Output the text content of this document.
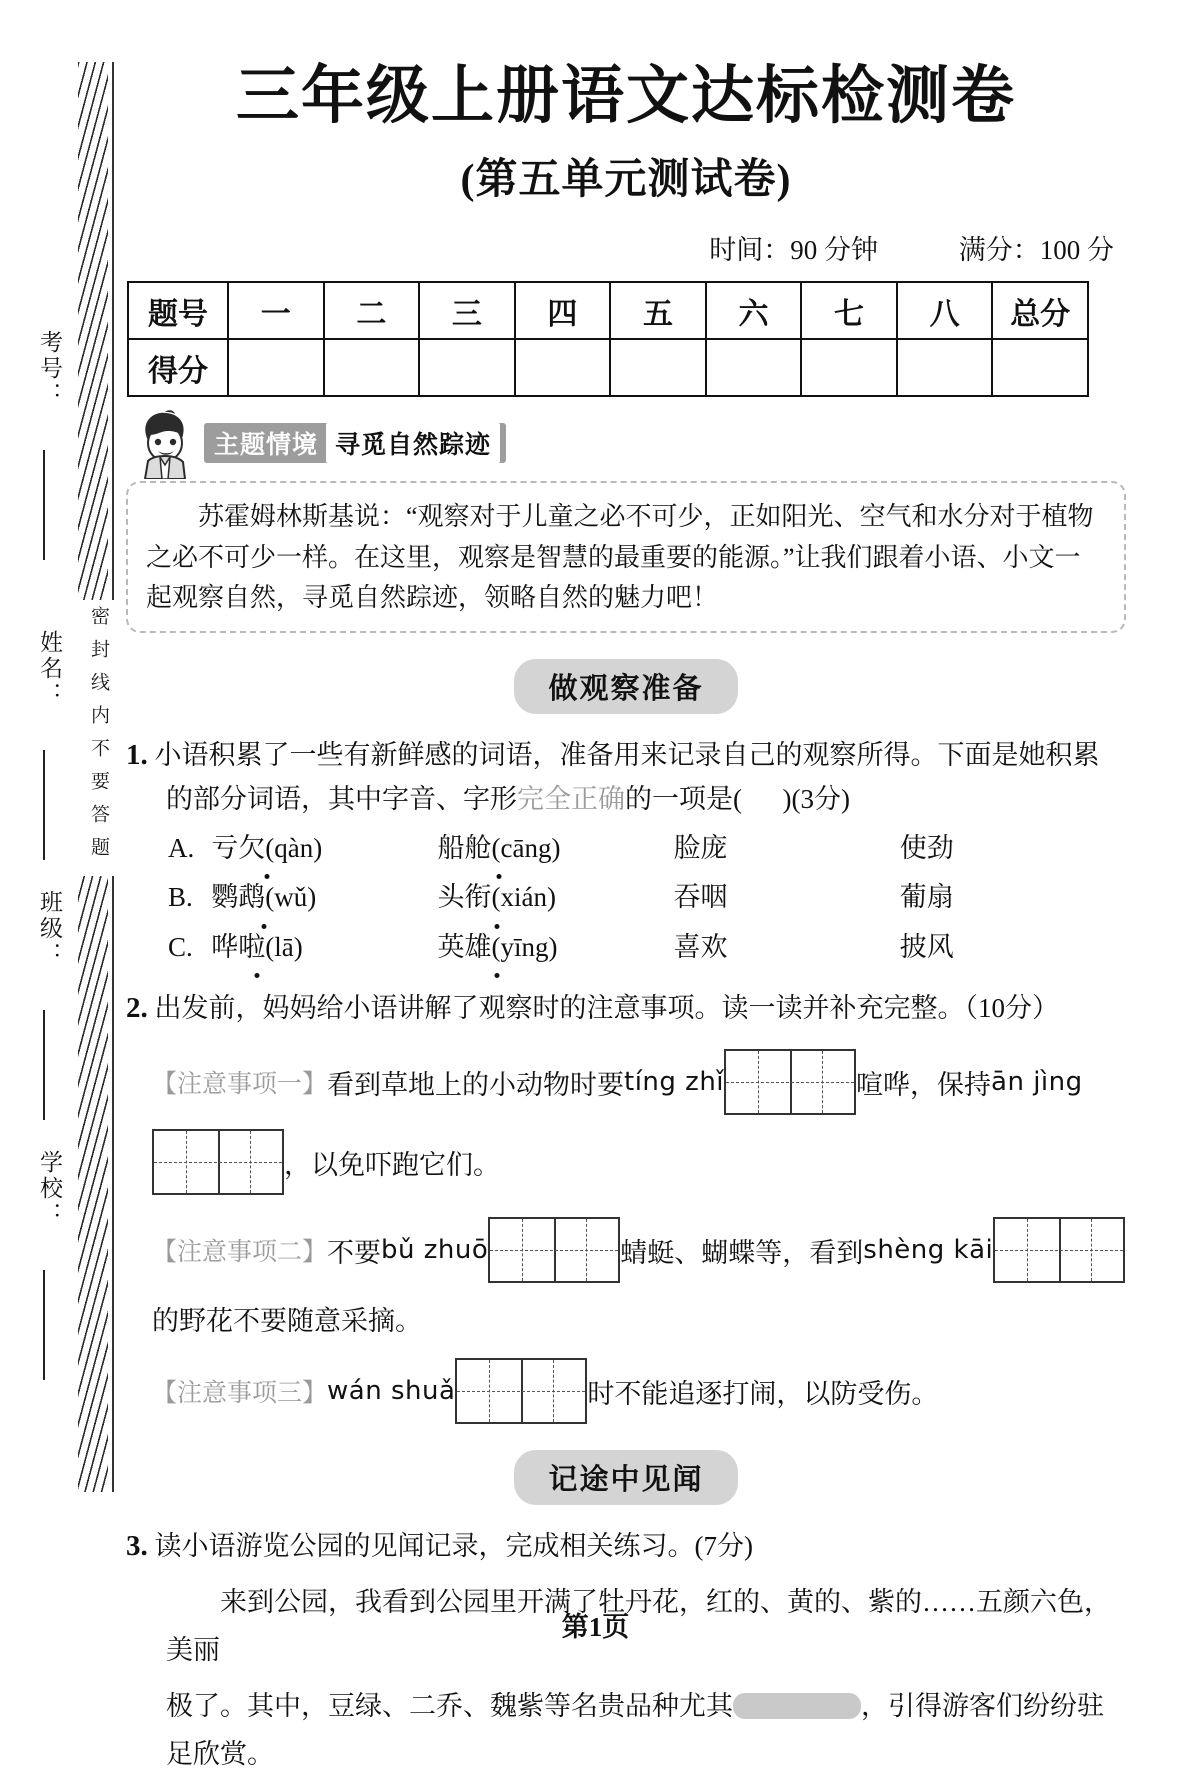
密封线内不要答题
考号：
姓名：
班级：
学校：
三年级上册语文达标检测卷
(第五单元测试卷)
时间：90 分钟	满分：100 分
题号	一	二	三	四	五	六	七	八	总分
得分									
主题情境 寻觅自然踪迹

苏霍姆林斯基说：“观察对于儿童之必不可少，正如阳光、空气和水分对于植物之必不可少一样。在这里，观察是智慧的最重要的能源。”让我们跟着小语、小文一起观察自然，寻觅自然踪迹，领略自然的魅力吧！

做观察准备
1. 小语积累了一些有新鲜感的词语，准备用来记录自己的观察所得。下面是她积累
的部分词语，其中字音、字形完全正确的一项是( )(3分)
A. 亏欠(qàn)	船舱(cāng)	脸庞	使劲
B. 鹦鹉(wǔ)	头衔(xián)	吞咽	葡扇
C. 哗啦(lā)	英雄(yīng)	喜欢	披风
2. 出发前，妈妈给小语讲解了观察时的注意事项。读一读并补充完整。（10分）
【注意事项一】 看到草地上的小动物时要 tíng zhǐ	喧哗，保持 ān jìng
，以免吓跑它们。
【注意事项二】 不要 bǔ zhuō	蜻蜓、蝴蝶等，看到 shèng kāi
的野花不要随意采摘。
【注意事项三】 wán shuǎ	时不能追逐打闹，以防受伤。
记途中见闻
3. 读小语游览公园的见闻记录，完成相关练习。(7分)
来到公园，我看到公园里开满了牡丹花，红的、黄的、紫的……五颜六色，美丽
极了。其中，豆绿、二乔、魏紫等名贵品种尤其	，引得游客们纷纷驻足欣赏。
第1页
